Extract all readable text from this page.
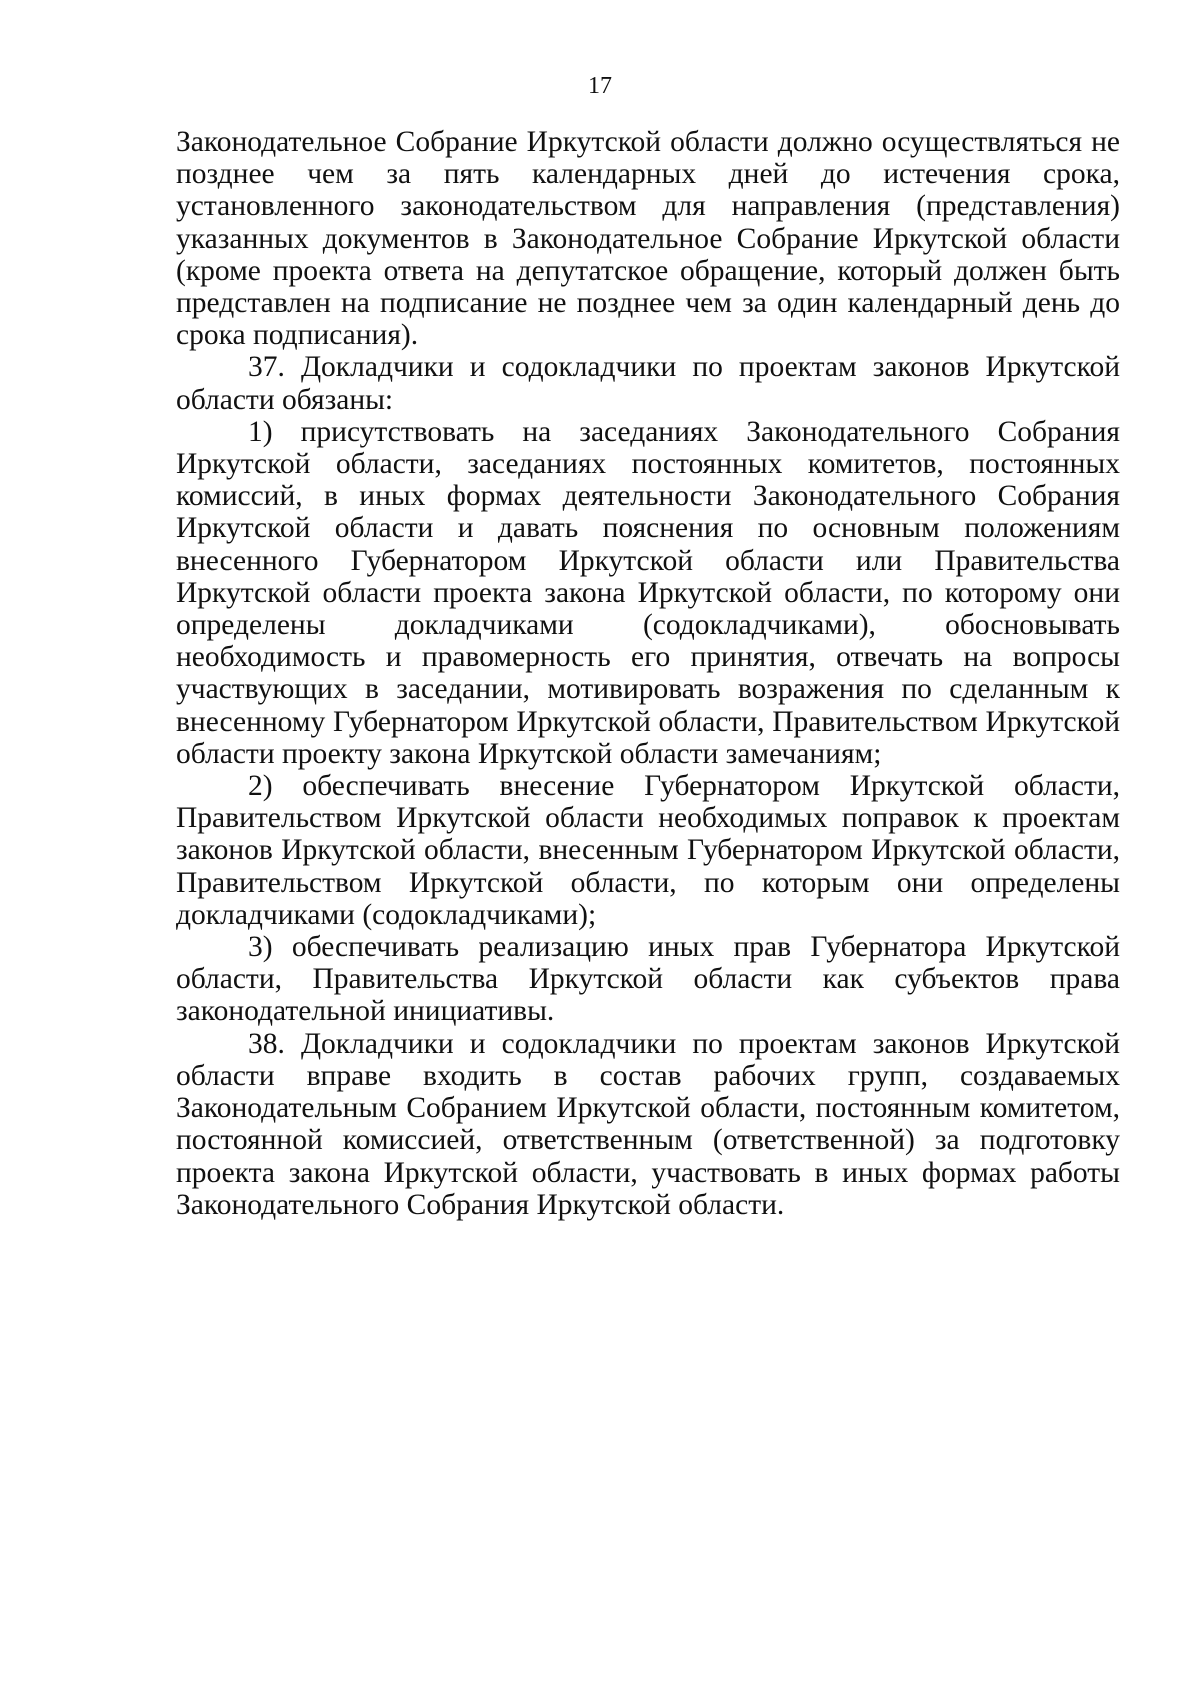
17

Законодательное Собрание Иркутской области должно осуществляться не позднее чем за пять календарных дней до истечения срока, установленного законодательством для направления (представления) указанных документов в Законодательное Собрание Иркутской области (кроме проекта ответа на депутатское обращение, который должен быть представлен на подписание не позднее чем за один календарный день до срока подписания).

37. Докладчики и содокладчики по проектам законов Иркутской области обязаны:

1) присутствовать на заседаниях Законодательного Собрания Иркутской области, заседаниях постоянных комитетов, постоянных комиссий, в иных формах деятельности Законодательного Собрания Иркутской области и давать пояснения по основным положениям внесенного Губернатором Иркутской области или Правительства Иркутской области проекта закона Иркутской области, по которому они определены докладчиками (содокладчиками), обосновывать необходимость и правомерность его принятия, отвечать на вопросы участвующих в заседании, мотивировать возражения по сделанным к внесенному Губернатором Иркутской области, Правительством Иркутской области проекту закона Иркутской области замечаниям;

2) обеспечивать внесение Губернатором Иркутской области, Правительством Иркутской области необходимых поправок к проектам законов Иркутской области, внесенным Губернатором Иркутской области, Правительством Иркутской области, по которым они определены докладчиками (содокладчиками);

3) обеспечивать реализацию иных прав Губернатора Иркутской области, Правительства Иркутской области как субъектов права законодательной инициативы.

38. Докладчики и содокладчики по проектам законов Иркутской области вправе входить в состав рабочих групп, создаваемых Законодательным Собранием Иркутской области, постоянным комитетом, постоянной комиссией, ответственным (ответственной) за подготовку проекта закона Иркутской области, участвовать в иных формах работы Законодательного Собрания Иркутской области.
